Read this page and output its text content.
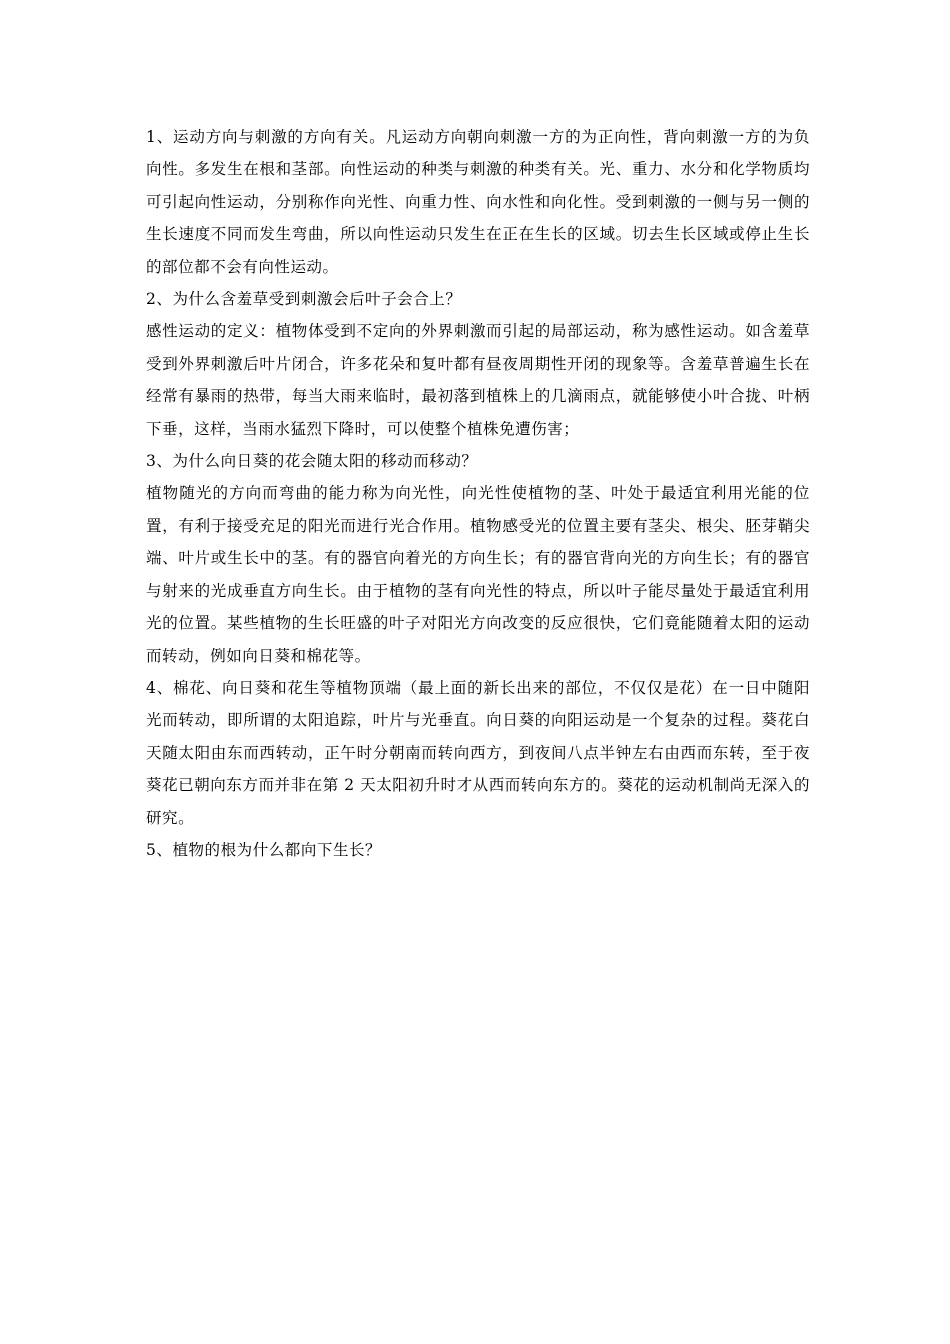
1、运动方向与刺激的方向有关。凡运动方向朝向刺激一方的为正向性，背向刺激一方的为负向性。多发生在根和茎部。向性运动的种类与刺激的种类有关。光、重力、水分和化学物质均可引起向性运动，分别称作向光性、向重力性、向水性和向化性。受到刺激的一侧与另一侧的生长速度不同而发生弯曲，所以向性运动只发生在正在生长的区域。切去生长区域或停止生长的部位都不会有向性运动。

2、为什么含羞草受到刺激会后叶子会合上？

感性运动的定义：植物体受到不定向的外界刺激而引起的局部运动，称为感性运动。如含羞草受到外界刺激后叶片闭合，许多花朵和复叶都有昼夜周期性开闭的现象等。含羞草普遍生长在经常有暴雨的热带，每当大雨来临时，最初落到植株上的几滴雨点，就能够使小叶合拢、叶柄下垂，这样，当雨水猛烈下降时，可以使整个植株免遭伤害；

3、为什么向日葵的花会随太阳的移动而移动？

植物随光的方向而弯曲的能力称为向光性，向光性使植物的茎、叶处于最适宜利用光能的位置，有利于接受充足的阳光而进行光合作用。植物感受光的位置主要有茎尖、根尖、胚芽鞘尖端、叶片或生长中的茎。有的器官向着光的方向生长；有的器官背向光的方向生长；有的器官与射来的光成垂直方向生长。由于植物的茎有向光性的特点，所以叶子能尽量处于最适宜利用光的位置。某些植物的生长旺盛的叶子对阳光方向改变的反应很快，它们竟能随着太阳的运动而转动，例如向日葵和棉花等。

4、棉花、向日葵和花生等植物顶端（最上面的新长出来的部位，不仅仅是花）在一日中随阳光而转动，即所谓的太阳追踪，叶片与光垂直。向日葵的向阳运动是一个复杂的过程。葵花白天随太阳由东而西转动，正午时分朝南而转向西方，到夜间八点半钟左右由西而东转，至于夜葵花已朝向东方而并非在第 2 天太阳初升时才从西而转向东方的。葵花的运动机制尚无深入的研究。

5、植物的根为什么都向下生长？
